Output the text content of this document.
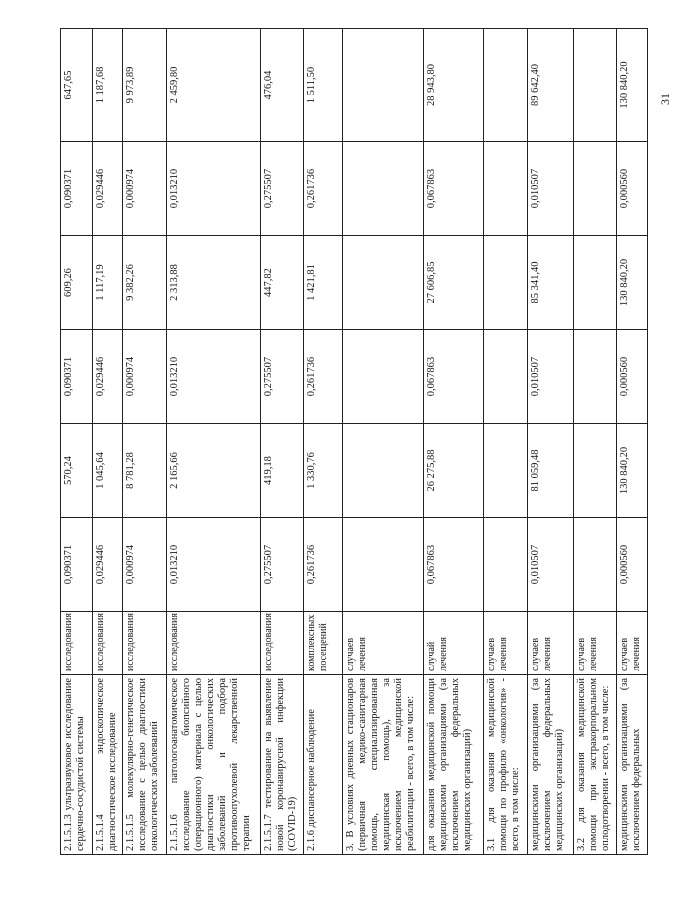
2.1.5.1.3 ультразвуковое исследование сердечно-сосудистой системы	исследования	0,090371	570,24	0,090371	609,26	0,090371	647,65
2.1.5.1.4 эндоскопическое диагностическое исследование	исследования	0,029446	1 045,64	0,029446	1 117,19	0,029446	1 187,68
2.1.5.1.5 молекулярно-генетическое исследование с целью диагностики онкологических заболеваний	исследования	0,000974	8 781,28	0,000974	9 382,26	0,000974	9 973,89
2.1.5.1.6 патологоанатомическое исследование биопсийного (операционного) материала с целью диагностики онкологических заболеваний и подбора противоопухолевой лекарственной терапии	исследования	0,013210	2 165,66	0,013210	2 313,88	0,013210	2 459,80
2.1.5.1.7 тестирование на выявление новой коронавирусной инфекции (COVID-19)	исследования	0,275507	419,18	0,275507	447,82	0,275507	476,04
2.1.6 диспансерное наблюдение	комплексных посещений	0,261736	1 330,76	0,261736	1 421,81	0,261736	1 511,50
3. В условиях дневных стационаров (первичная медико-санитарная помощь, специализированная медицинская помощь), за исключением медицинской реабилитации - всего, в том числе:	случаев лечения						
для оказания медицинской помощи медицинскими организациями (за исключением федеральных медицинских организаций)	случай лечения	0,067863	26 275,88	0,067863	27 606,85	0,067863	28 943,80
3.1 для оказания медицинской помощи по профилю «онкология» - всего, в том числе:	случаев лечения						
медицинскими организациями (за исключением федеральных медицинских организаций)	случаев лечения	0,010507	81 059,48	0,010507	85 341,40	0,010507	89 642,40
3.2 для оказания медицинской помощи при экстракорпоральном оплодотворении - всего, в том числе:	случаев лечения						
медицинскими организациями (за исключением федеральных	случаев лечения	0,000560	130 840,20	0,000560	130 840,20	0,000560	130 840,20 31
